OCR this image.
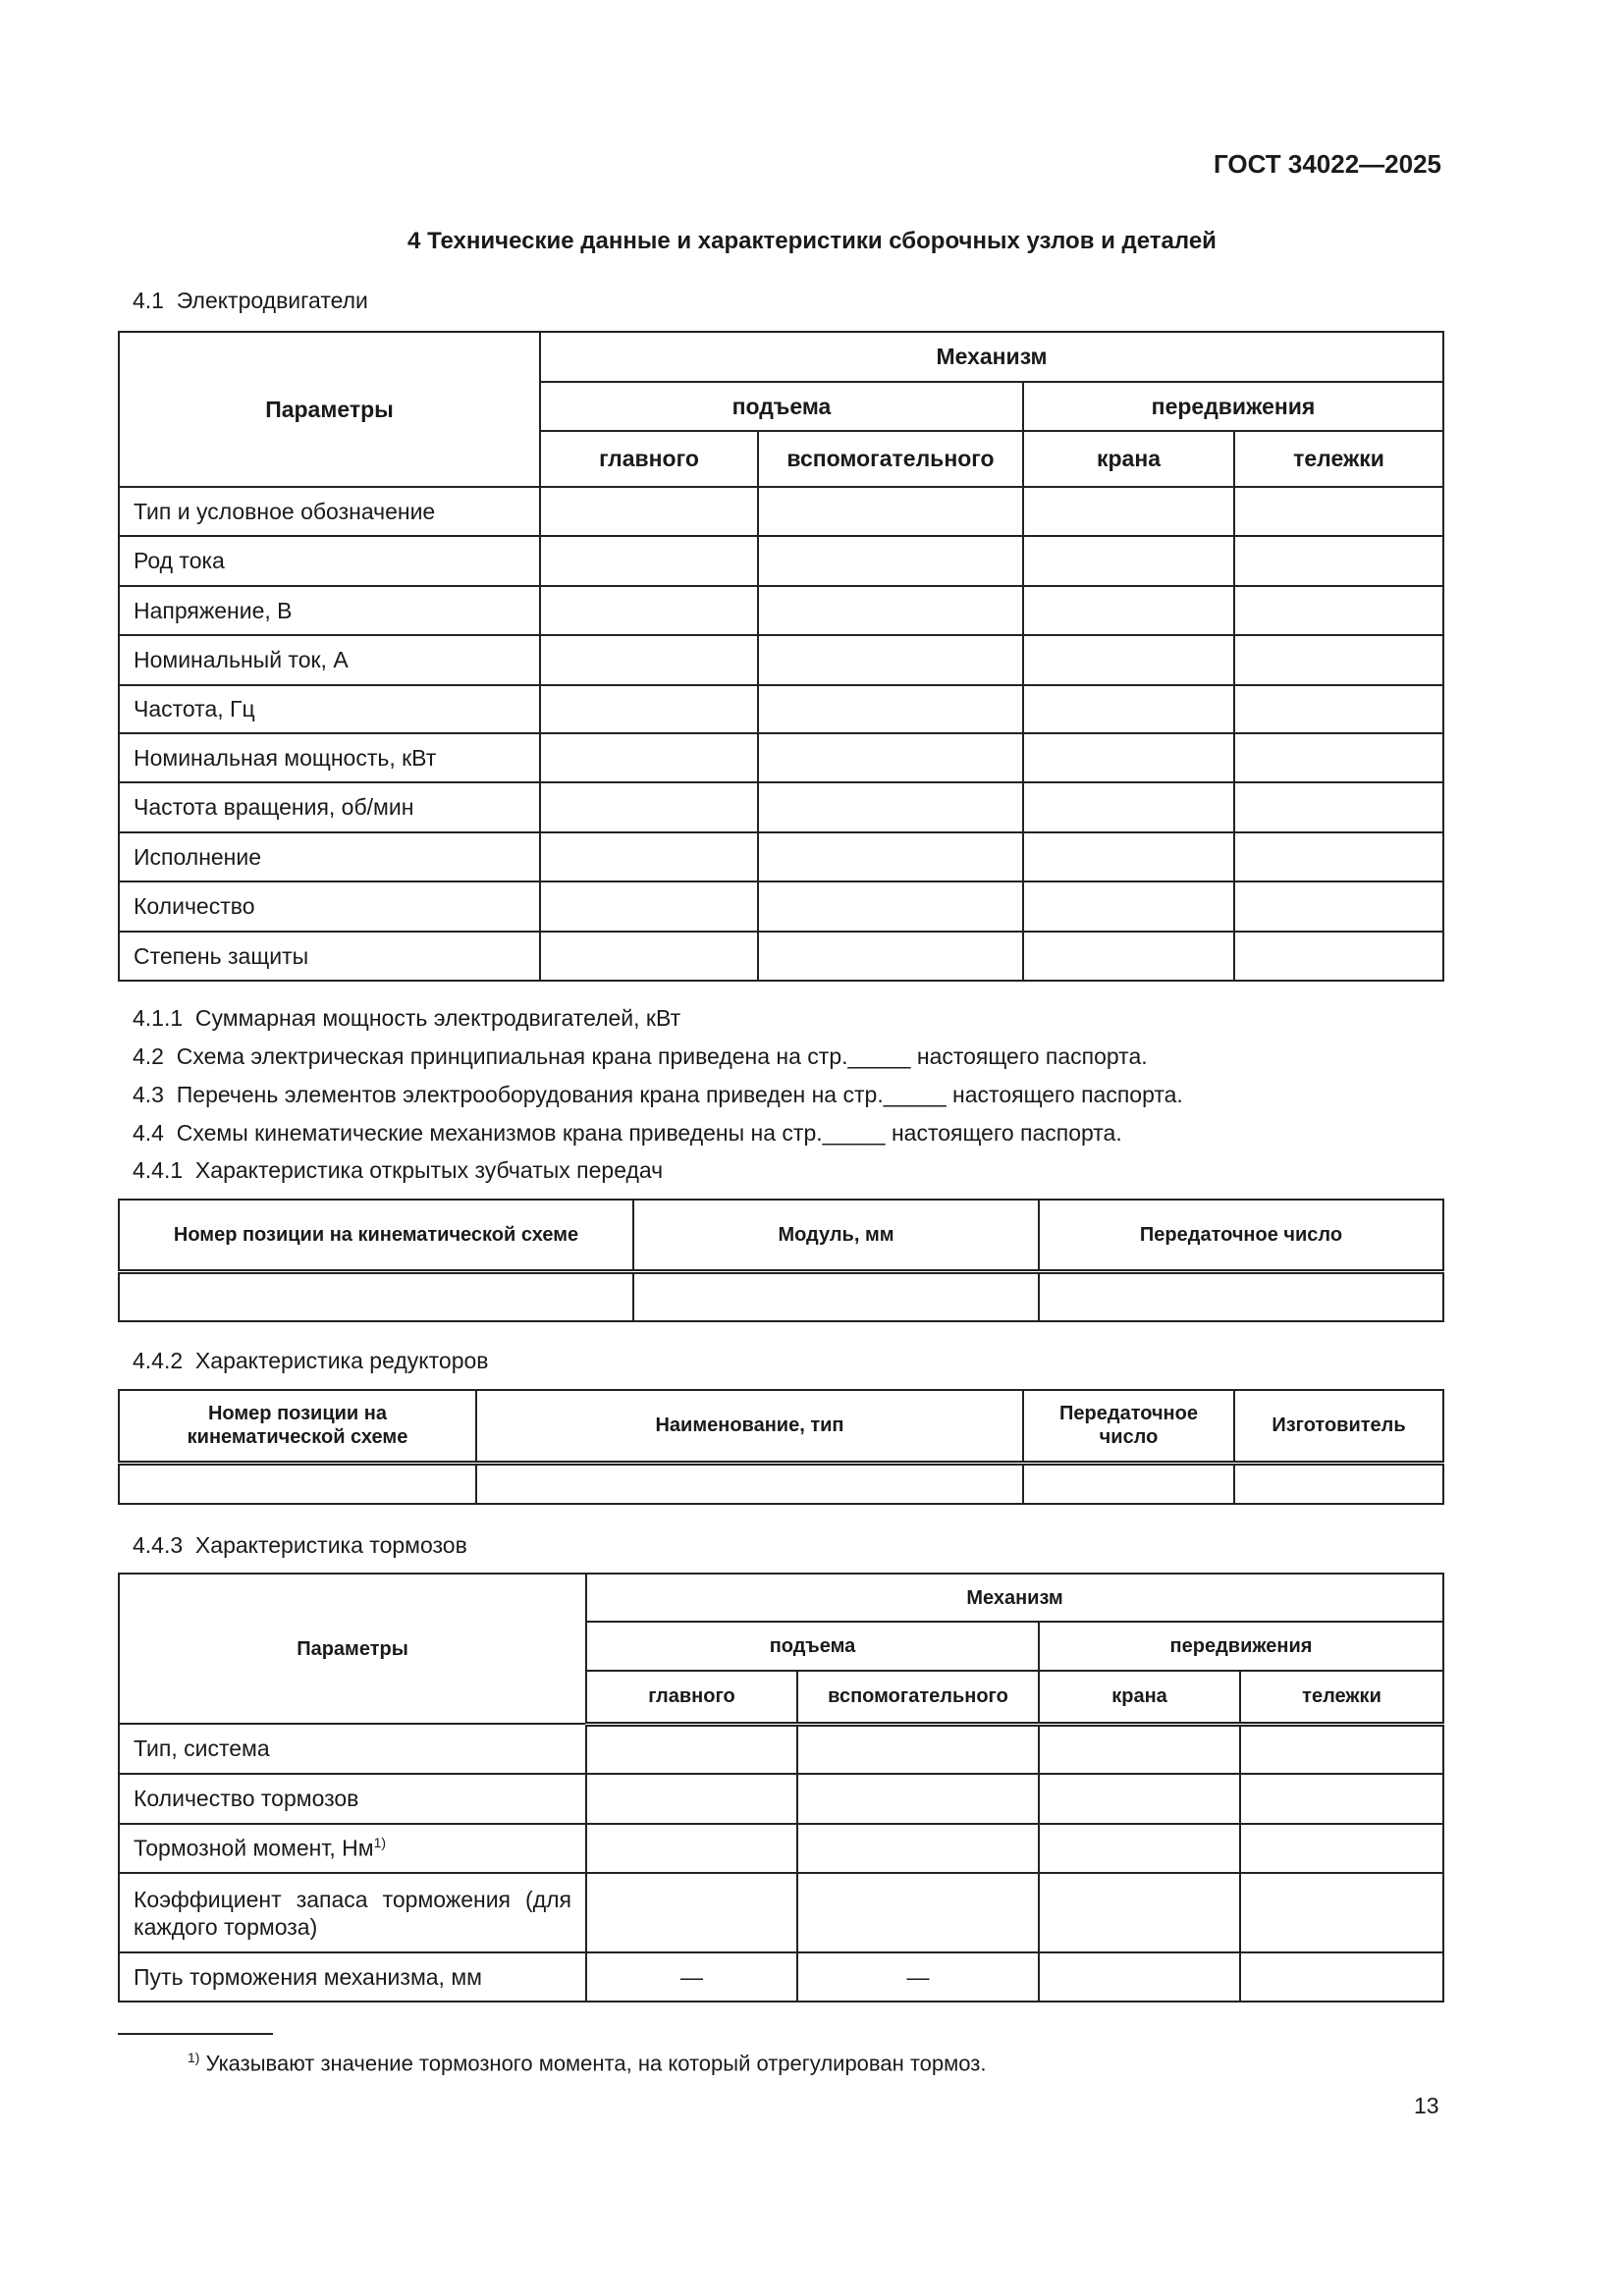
ГОСТ 34022—2025
4 Технические данные и характеристики сборочных узлов и деталей
4.1  Электродвигатели
Параметры	Механизм			
	подъема		передвижения	
	главного	вспомогательного	крана	тележки
Тип и условное обозначение				
Род тока				
Напряжение, В				
Номинальный ток, А				
Частота, Гц				
Номинальная мощность, кВт				
Частота вращения, об/мин				
Исполнение				
Количество				
Степень защиты				
4.1.1  Суммарная мощность электродвигателей, кВт
4.2  Схема электрическая принципиальная крана приведена на стр._____ настоящего паспорта.
4.3  Перечень элементов электрооборудования крана приведен на стр._____ настоящего паспорта.
4.4  Схемы кинематические механизмов крана приведены на стр._____ настоящего паспорта.
4.4.1  Характеристика открытых зубчатых передач
Номер позиции на кинематической схеме	Модуль, мм	Передаточное число

4.4.2  Характеристика редукторов
Номер позиции на кинематической схеме	Наименование, тип	Передаточное число	Изготовитель

4.4.3  Характеристика тормозов
Параметры	Механизм			
	подъема		передвижения	
	главного	вспомогательного	крана	тележки
Тип, система				
Количество тормозов				
Тормозной момент, $Нм^{1)}$				
Коэффициент запаса торможения (для каждого тормоза)				
Путь торможения механизма, мм	—	—		
$^{1)}$ Указывают значение тормозного момента, на который отрегулирован тормоз.
13
